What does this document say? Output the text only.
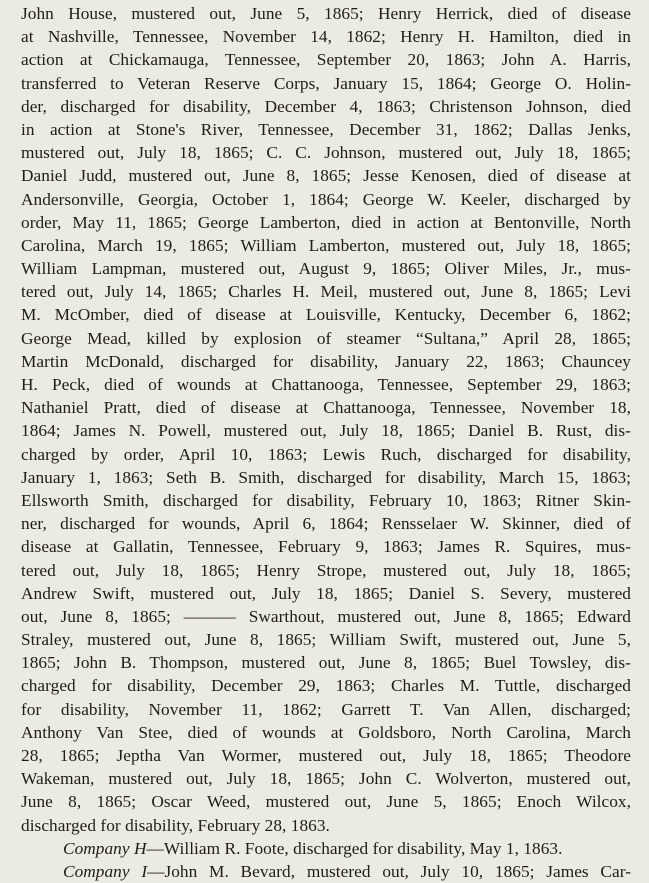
John House, mustered out, June 5, 1865; Henry Herrick, died of disease
at Nashville, Tennessee, November 14, 1862; Henry H. Hamilton, died in
action at Chickamauga, Tennessee, September 20, 1863; John A. Harris,
transferred to Veteran Reserve Corps, January 15, 1864; George O. Holin-
der, discharged for disability, December 4, 1863; Christenson Johnson, died
in action at Stone's River, Tennessee, December 31, 1862; Dallas Jenks,
mustered out, July 18, 1865; C. C. Johnson, mustered out, July 18, 1865;
Daniel Judd, mustered out, June 8, 1865; Jesse Kenosen, died of disease at
Andersonville, Georgia, October 1, 1864; George W. Keeler, discharged by
order, May 11, 1865; George Lamberton, died in action at Bentonville, North
Carolina, March 19, 1865; William Lamberton, mustered out, July 18, 1865;
William Lampman, mustered out, August 9, 1865; Oliver Miles, Jr., mus-
tered out, July 14, 1865; Charles H. Meil, mustered out, June 8, 1865; Levi
M. McOmber, died of disease at Louisville, Kentucky, December 6, 1862;
George Mead, killed by explosion of steamer “Sultana,” April 28, 1865;
Martin McDonald, discharged for disability, January 22, 1863; Chauncey
H. Peck, died of wounds at Chattanooga, Tennessee, September 29, 1863;
Nathaniel Pratt, died of disease at Chattanooga, Tennessee, November 18,
1864; James N. Powell, mustered out, July 18, 1865; Daniel B. Rust, dis-
charged by order, April 10, 1863; Lewis Ruch, discharged for disability,
January 1, 1863; Seth B. Smith, discharged for disability, March 15, 1863;
Ellsworth Smith, discharged for disability, February 10, 1863; Ritner Skin-
ner, discharged for wounds, April 6, 1864; Rensselaer W. Skinner, died of
disease at Gallatin, Tennessee, February 9, 1863; James R. Squires, mus-
tered out, July 18, 1865; Henry Strope, mustered out, July 18, 1865;
Andrew Swift, mustered out, July 18, 1865; Daniel S. Severy, mustered
out, June 8, 1865; ——— Swarthout, mustered out, June 8, 1865; Edward
Straley, mustered out, June 8, 1865; William Swift, mustered out, June 5,
1865; John B. Thompson, mustered out, June 8, 1865; Buel Towsley, dis-
charged for disability, December 29, 1863; Charles M. Tuttle, discharged
for disability, November 11, 1862; Garrett T. Van Allen, discharged;
Anthony Van Stee, died of wounds at Goldsboro, North Carolina, March
28, 1865; Jeptha Van Wormer, mustered out, July 18, 1865; Theodore
Wakeman, mustered out, July 18, 1865; John C. Wolverton, mustered out,
June 8, 1865; Oscar Weed, mustered out, June 5, 1865; Enoch Wilcox,
discharged for disability, February 28, 1863.
Company H—William R. Foote, discharged for disability, May 1, 1863.
Company I—John M. Bevard, mustered out, July 10, 1865; James Car-
